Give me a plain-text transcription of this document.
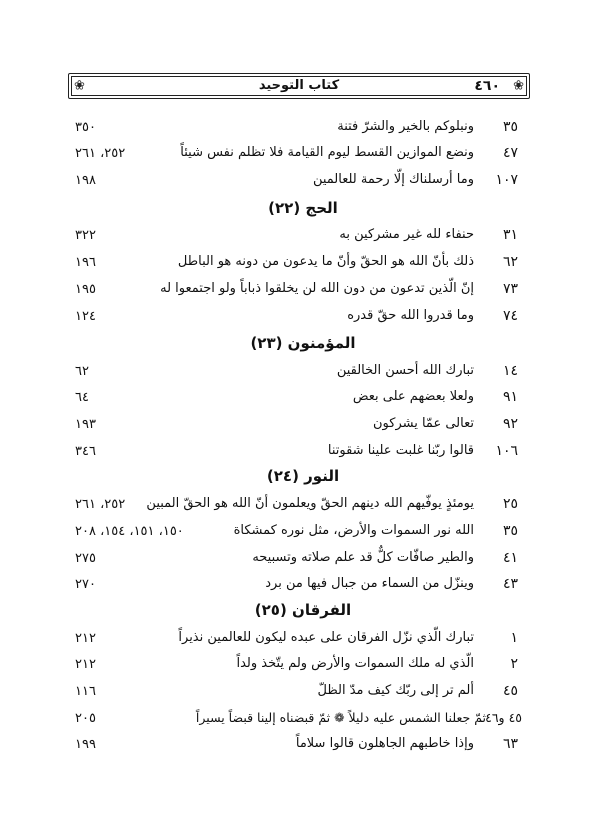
❀	❀
٤٦٠
كتاب التوحيد
٣٥
ونبلوكم بالخير والشرّ فتنة
٣٥٠
٤٧
ونضع الموازين القسط ليوم القيامة فلا تظلم نفس شيئاً
٢٥٢، ٢٦١
١٠٧
وما أرسلناك إلّا رحمة للعالمين
١٩٨
الحج (٢٢)
٣١
حنفاء لله غير مشركين به
٣٢٢
٦٢
ذلك بأنّ الله هو الحقّ وأنّ ما يدعون من دونه هو الباطل
١٩٦
٧٣
إنّ الّذين تدعون من دون الله لن يخلقوا ذباباً ولو اجتمعوا له
١٩٥
٧٤
وما قدروا الله حقّ قدره
١٢٤
المؤمنون (٢٣)
١٤
تبارك الله أحسن الخالقين
٦٢
٩١
ولعلا بعضهم على بعض
٦٤
٩٢
تعالى عمّا يشركون
١٩٣
١٠٦
قالوا ربّنا غلبت علينا شقوتنا
٣٤٦
النور (٢٤)
٢٥
يومئذٍ يوفّيهم الله دينهم الحقّ ويعلمون أنّ الله هو الحقّ المبين
٢٥٢، ٢٦١
٣٥
الله نور السموات والأرض، مثل نوره كمشكاة
١٥٠، ١٥١، ١٥٤، ٢٠٨
٤١
والطير صافّات كلٌّ قد علم صلاته وتسبيحه
٢٧٥
٤٣
وينزّل من السماء من جبال فيها من برد
٢٧٠
الفرقان (٢٥)
١
تبارك الّذي نزّل الفرقان على عبده ليكون للعالمين نذيراً
٢١٢
٢
الّذي له ملك السموات والأرض ولم يتّخذ ولداً
٢١٢
٤٥
ألم تر إلى ربّك كيف مدّ الظلّ
١١٦
٤٥ و٤٦
ثمّ جعلنا الشمس عليه دليلاً ❁ ثمّ قبضناه إلينا قبضاً يسيراً
٢٠٥
٦٣
وإذا خاطبهم الجاهلون قالوا سلاماً
١٩٩
